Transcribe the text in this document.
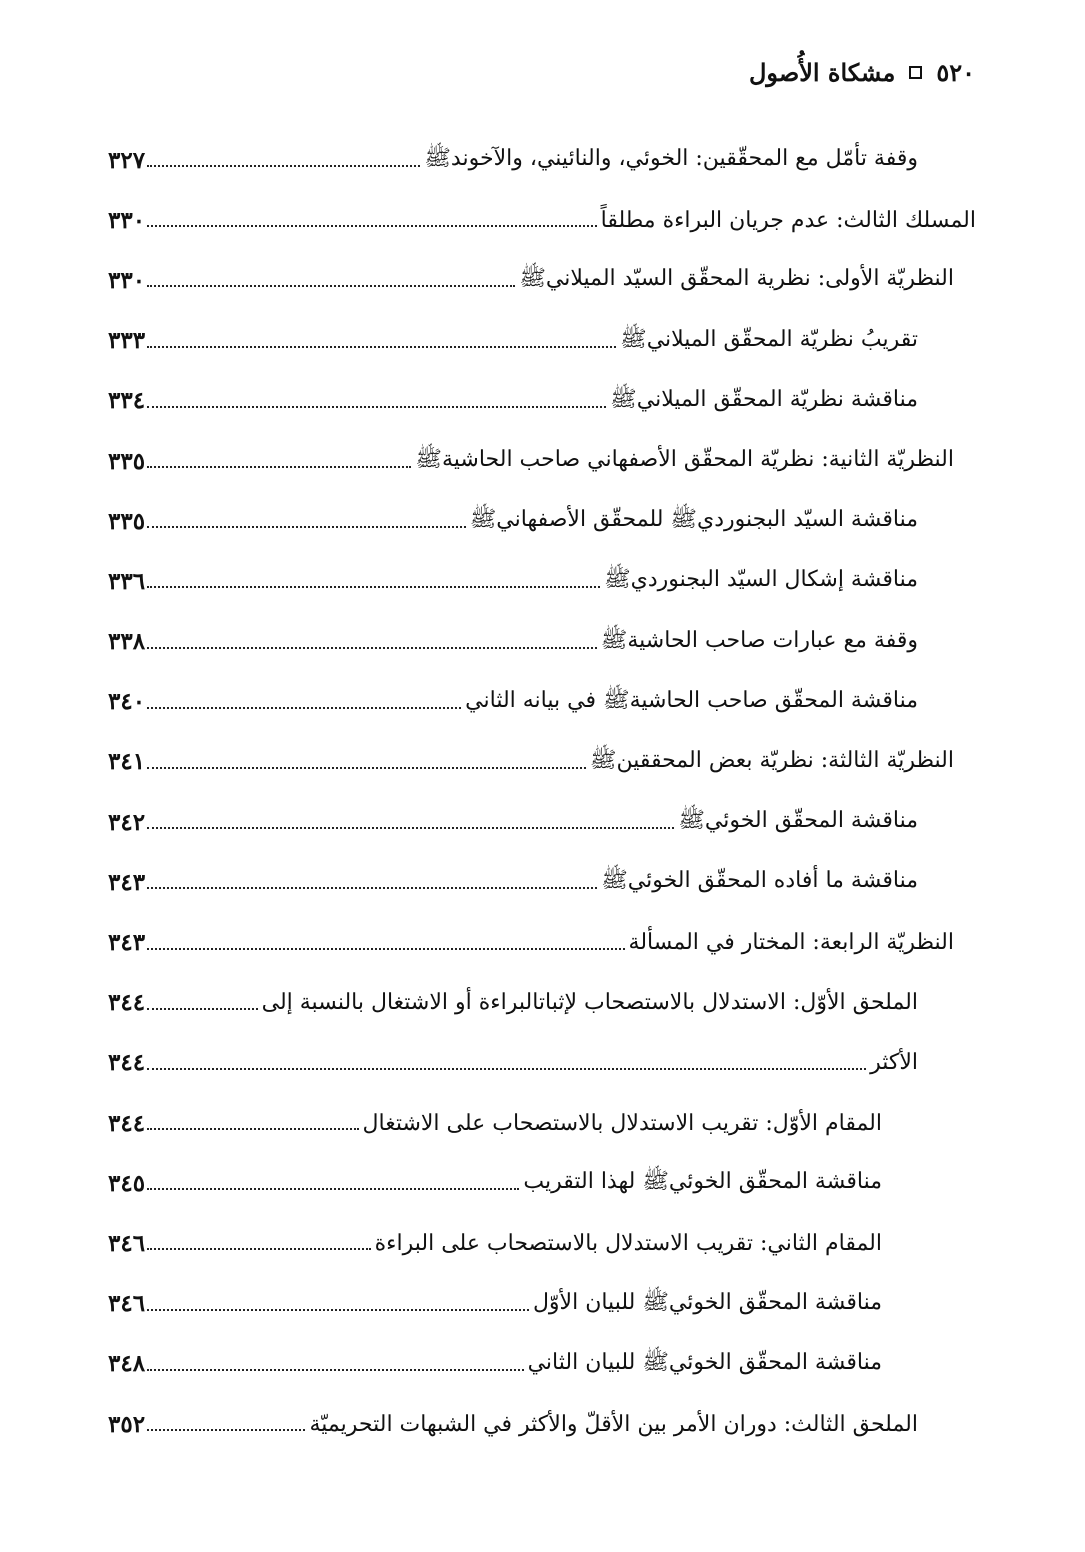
٥٢٠
مشكاة الأُصول
وقفة تأمّل مع المحقّقين: الخوئي، والنائيني، والآخوندﷺ
٣٢٧
المسلك الثالث: عدم جريان البراءة مطلقاً
٣٣٠
النظريّة الأولى: نظرية المحقّق السيّد الميلانيﷺ
٣٣٠
تقريبُ نظريّة المحقّق الميلانيﷺ
٣٣٣
مناقشة نظريّة المحقّق الميلانيﷺ
٣٣٤
النظريّة الثانية: نظريّة المحقّق الأصفهاني صاحب الحاشيةﷺ
٣٣٥
مناقشة السيّد البجنورديﷺ للمحقّق الأصفهانيﷺ
٣٣٥
مناقشة إشكال السيّد البجنورديﷺ
٣٣٦
وقفة مع عبارات صاحب الحاشيةﷺ
٣٣٨
مناقشة المحقّق صاحب الحاشيةﷺ في بيانه الثاني
٣٤٠
النظريّة الثالثة: نظريّة بعض المحققينﷺ
٣٤١
مناقشة المحقّق الخوئيﷺ
٣٤٢
مناقشة ما أفاده المحقّق الخوئيﷺ
٣٤٣
النظريّة الرابعة: المختار في المسألة
٣٤٣
الملحق الأوّل: الاستدلال بالاستصحاب لإثباتالبراءة أو الاشتغال بالنسبة إلى
٣٤٤
الأكثر
٣٤٤
المقام الأوّل: تقريب الاستدلال بالاستصحاب على الاشتغال
٣٤٤
مناقشة المحقّق الخوئيﷺ لهذا التقريب
٣٤٥
المقام الثاني: تقريب الاستدلال بالاستصحاب على البراءة
٣٤٦
مناقشة المحقّق الخوئيﷺ للبيان الأوّل
٣٤٦
مناقشة المحقّق الخوئيﷺ للبيان الثاني
٣٤٨
الملحق الثالث: دوران الأمر بين الأقلّ والأكثر في الشبهات التحريميّة
٣٥٢
